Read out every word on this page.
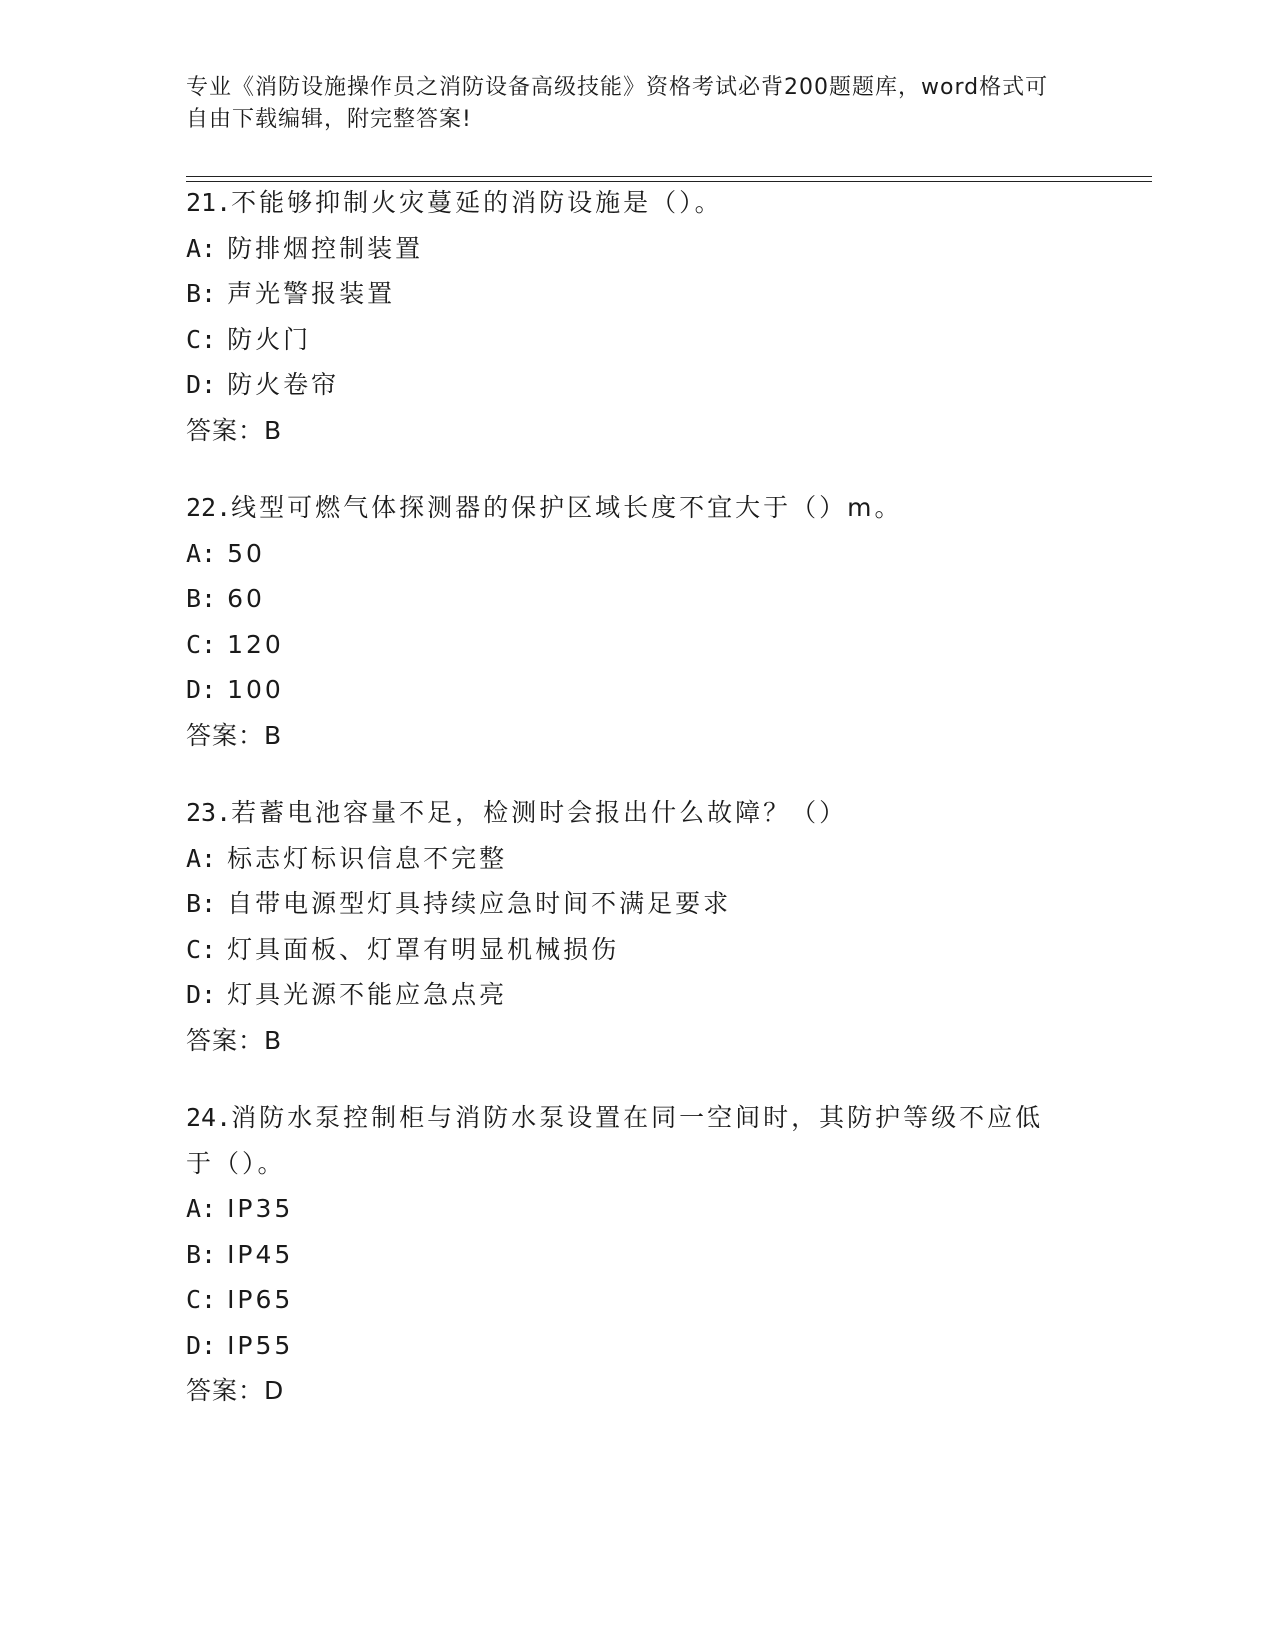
专业《消防设施操作员之消防设备高级技能》资格考试必背200题题库，word格式可自由下载编辑，附完整答案!
21.不能够抑制火灾蔓延的消防设施是（）。
A: 防排烟控制装置
B: 声光警报装置
C: 防火门
D: 防火卷帘
答案：B
22.线型可燃气体探测器的保护区域长度不宜大于（）m。
A: 50
B: 60
C: 120
D: 100
答案：B
23.若蓄电池容量不足，检测时会报出什么故障？（）
A: 标志灯标识信息不完整
B: 自带电源型灯具持续应急时间不满足要求
C: 灯具面板、灯罩有明显机械损伤
D: 灯具光源不能应急点亮
答案：B
24.消防水泵控制柜与消防水泵设置在同一空间时，其防护等级不应低于（）。
A: IP35
B: IP45
C: IP65
D: IP55
答案：D
